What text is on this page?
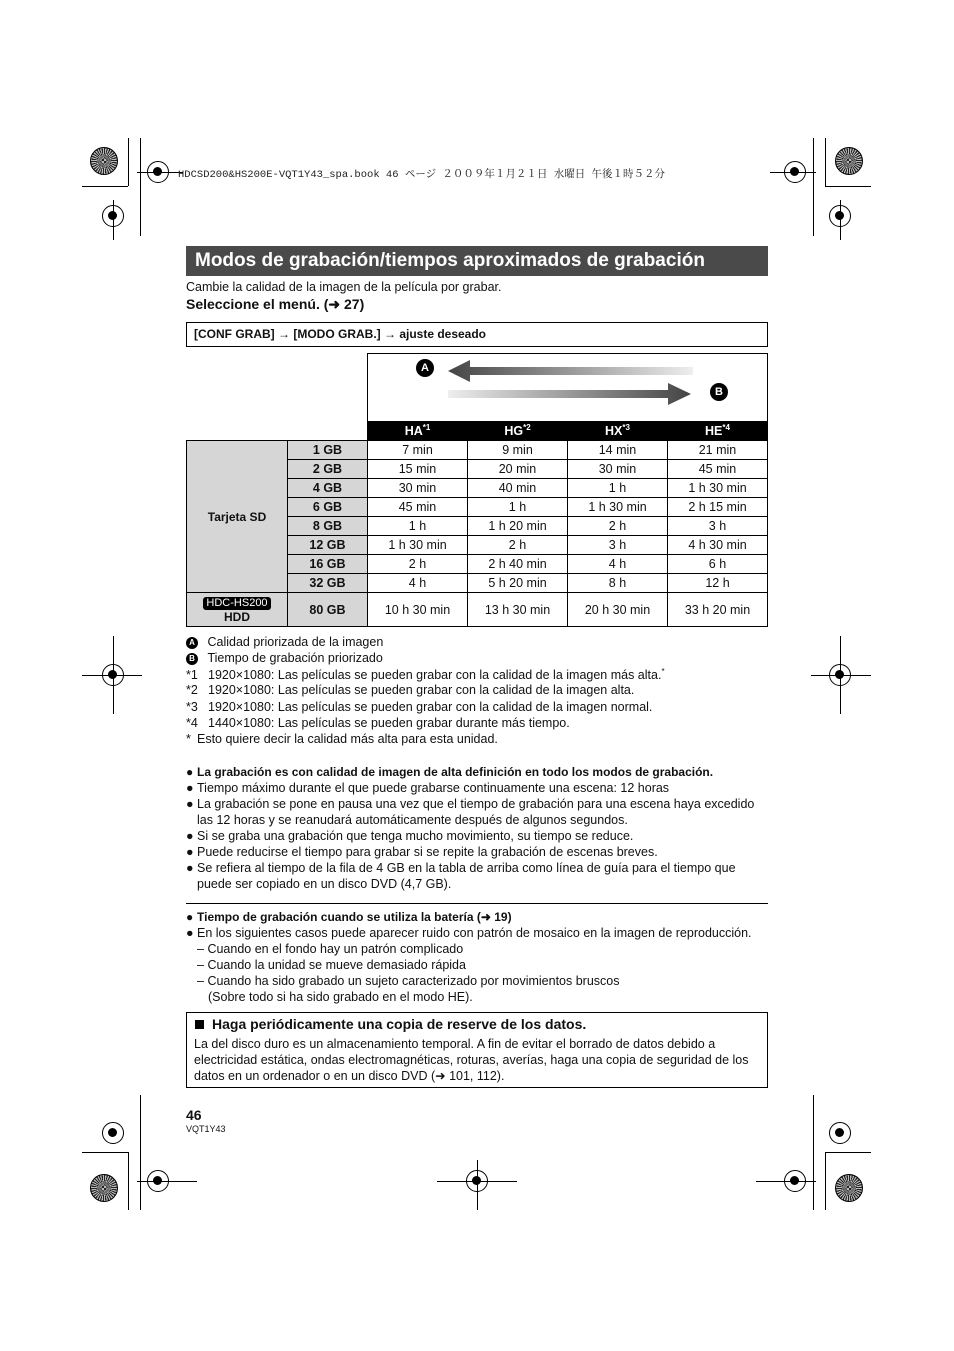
HDCSD200&HS200E-VQT1Y43_spa.book 46 ページ ２００９年１月２１日 水曜日 午後１時５２分
Modos de grabación/tiempos aproximados de grabación
Cambie la calidad de la imagen de la película por grabar.
Seleccione el menú. (➜ 27)
[CONF GRAB] → [MODO GRAB.] → ajuste deseado
A
B
		HA$^{*1}$	HG$^{*2}$	HX$^{*3}$	HE$^{*4}$
Tarjeta SD	1 GB	7 min	9 min	14 min	21 min
	2 GB	15 min	20 min	30 min	45 min
	4 GB	30 min	40 min	1 h	1 h 30 min
	6 GB	45 min	1 h	1 h 30 min	2 h 15 min
	8 GB	1 h	1 h 20 min	2 h	3 h
	12 GB	1 h 30 min	2 h	3 h	4 h 30 min
	16 GB	2 h	2 h 40 min	4 h	6 h
	32 GB	4 h	5 h 20 min	8 h	12 h
HDC-HS200
HDD	80 GB	10 h 30 min	13 h 30 min	20 h 30 min	33 h 20 min
A Calidad priorizada de la imagen
B Tiempo de grabación priorizado
*1 1920×1080: Las películas se pueden grabar con la calidad de la imagen más alta.*
*2 1920×1080: Las películas se pueden grabar con la calidad de la imagen alta.
*3 1920×1080: Las películas se pueden grabar con la calidad de la imagen normal.
*4 1440×1080: Las películas se pueden grabar durante más tiempo.
* Esto quiere decir la calidad más alta para esta unidad.
● La grabación es con calidad de imagen de alta definición en todo los modos de grabación.
● Tiempo máximo durante el que puede grabarse continuamente una escena: 12 horas
● La grabación se pone en pausa una vez que el tiempo de grabación para una escena haya excedido
las 12 horas y se reanudará automáticamente después de algunos segundos.
● Si se graba una grabación que tenga mucho movimiento, su tiempo se reduce.
● Puede reducirse el tiempo para grabar si se repite la grabación de escenas breves.
● Se refiera al tiempo de la fila de 4 GB en la tabla de arriba como línea de guía para el tiempo que
puede ser copiado en un disco DVD (4,7 GB).
● Tiempo de grabación cuando se utiliza la batería (➜ 19)
● En los siguientes casos puede aparecer ruido con patrón de mosaico en la imagen de reproducción.
– Cuando en el fondo hay un patrón complicado
– Cuando la unidad se mueve demasiado rápida
– Cuando ha sido grabado un sujeto caracterizado por movimientos bruscos
(Sobre todo si ha sido grabado en el modo HE).
Haga periódicamente una copia de reserve de los datos.
La del disco duro es un almacenamiento temporal. A fin de evitar el borrado de datos debido a
electricidad estática, ondas electromagnéticas, roturas, averías, haga una copia de seguridad de los
datos en un ordenador o en un disco DVD (➜ 101, 112).
46
VQT1Y43
